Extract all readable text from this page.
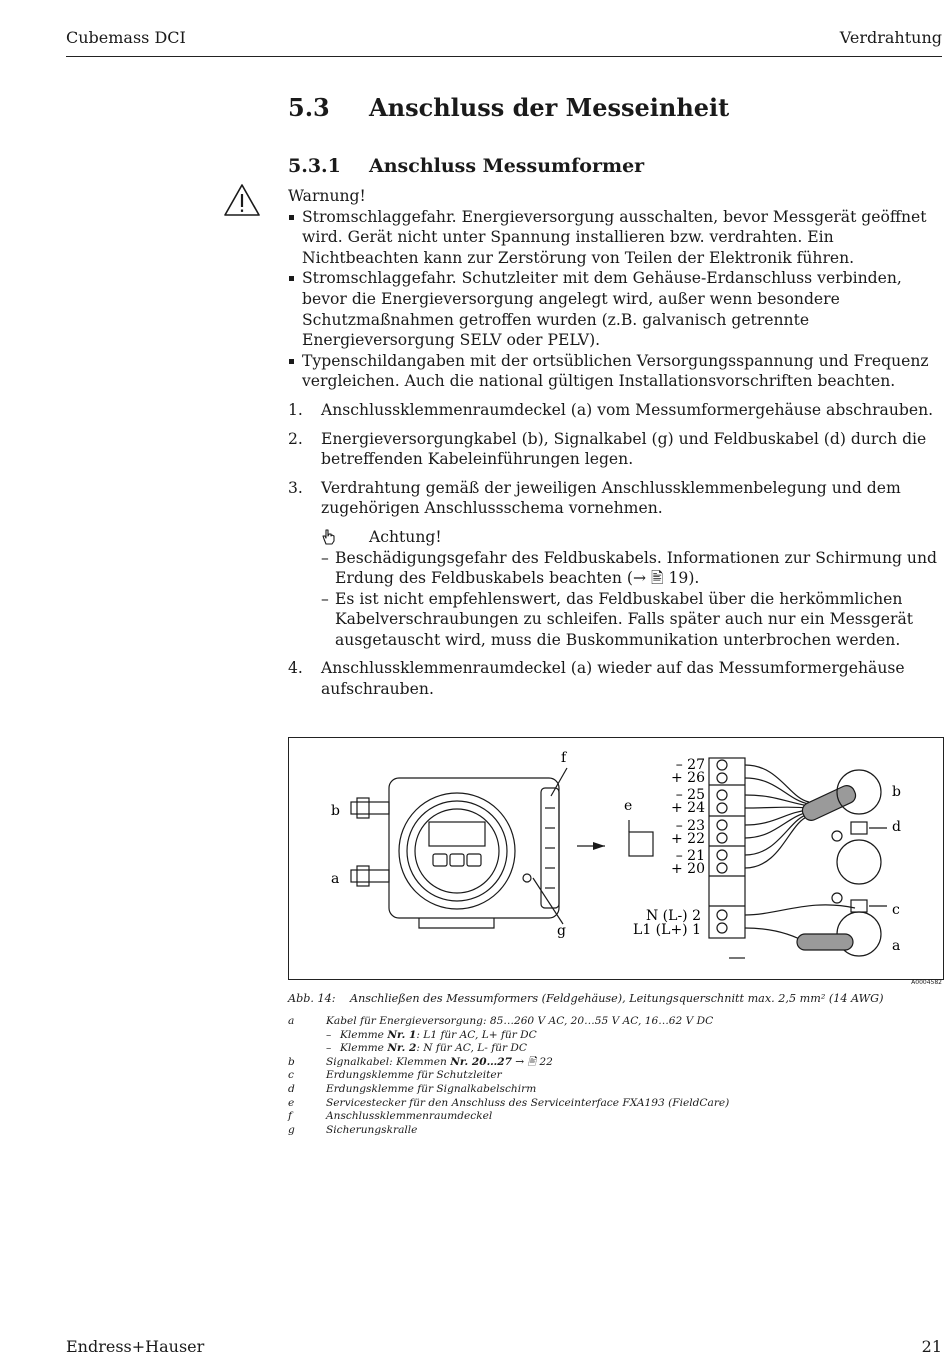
Cubemass DCI	Verdrahtung
5.3 Anschluss der Messeinheit
5.3.1 Anschluss Messumformer

Warnung!

Stromschlaggefahr. Energieversorgung ausschalten, bevor Messgerät geöffnet wird. Gerät nicht unter Spannung installieren bzw. verdrahten. Ein Nichtbeachten kann zur Zerstörung von Teilen der Elektronik führen.
Stromschlaggefahr. Schutzleiter mit dem Gehäuse-Erdanschluss verbinden, bevor die Energieversorgung angelegt wird, außer wenn besondere Schutzmaßnahmen getroffen wurden (z.B. galvanisch getrennte Energieversorgung SELV oder PELV).
Typenschildangaben mit der ortsüblichen Versorgungsspannung und Frequenz vergleichen. Auch die national gültigen Installationsvorschriften beachten.
1. Anschlussklemmenraumdeckel (a) vom Messumformergehäuse abschrauben.
2. Energieversorgungkabel (b), Signalkabel (g) und Feldbuskabel (d) durch die betreffenden Kabeleinführungen legen.
3. Verdrahtung gemäß der jeweiligen Anschlussklemmenbelegung und dem zugehörigen Anschlussschema vornehmen.
Achtung!
– Beschädigungsgefahr des Feldbuskabels. Informationen zur Schirmung und Erdung des Feldbuskabels beachten (→ 🖹 19).
– Es ist nicht empfehlenswert, das Feldbuskabel über die herkömmlichen Kabelverschraubungen zu schleifen. Falls später auch nur ein Messgerät ausgetauscht wird, muss die Buskommunikation unterbrochen werden.
4. Anschlussklemmenraumdeckel (a) wieder auf das Messumformergehäuse aufschrauben.
b
a
f
g
e
b
d
c
a
– 27
+ 26
– 25
+ 24
– 23
+ 22
– 21
+ 20
N (L-) 2
L1 (L+) 1
A0004582
Abb. 14: Anschließen des Messumformers (Feldgehäuse), Leitungsquerschnitt max. 2,5 mm² (14 AWG)
a	Kabel für Energieversorgung: 85…260 V AC, 20…55 V AC, 16…62 V DC
– Klemme Nr. 1: L1 für AC, L+ für DC
– Klemme Nr. 2: N für AC, L- für DC
b	Signalkabel: Klemmen Nr. 20…27 → 🖹 22
c	Erdungsklemme für Schutzleiter
d	Erdungsklemme für Signalkabelschirm
e	Servicestecker für den Anschluss des Serviceinterface FXA193 (FieldCare)
f	Anschlussklemmenraumdeckel
g	Sicherungskralle
Endress+Hauser	21
